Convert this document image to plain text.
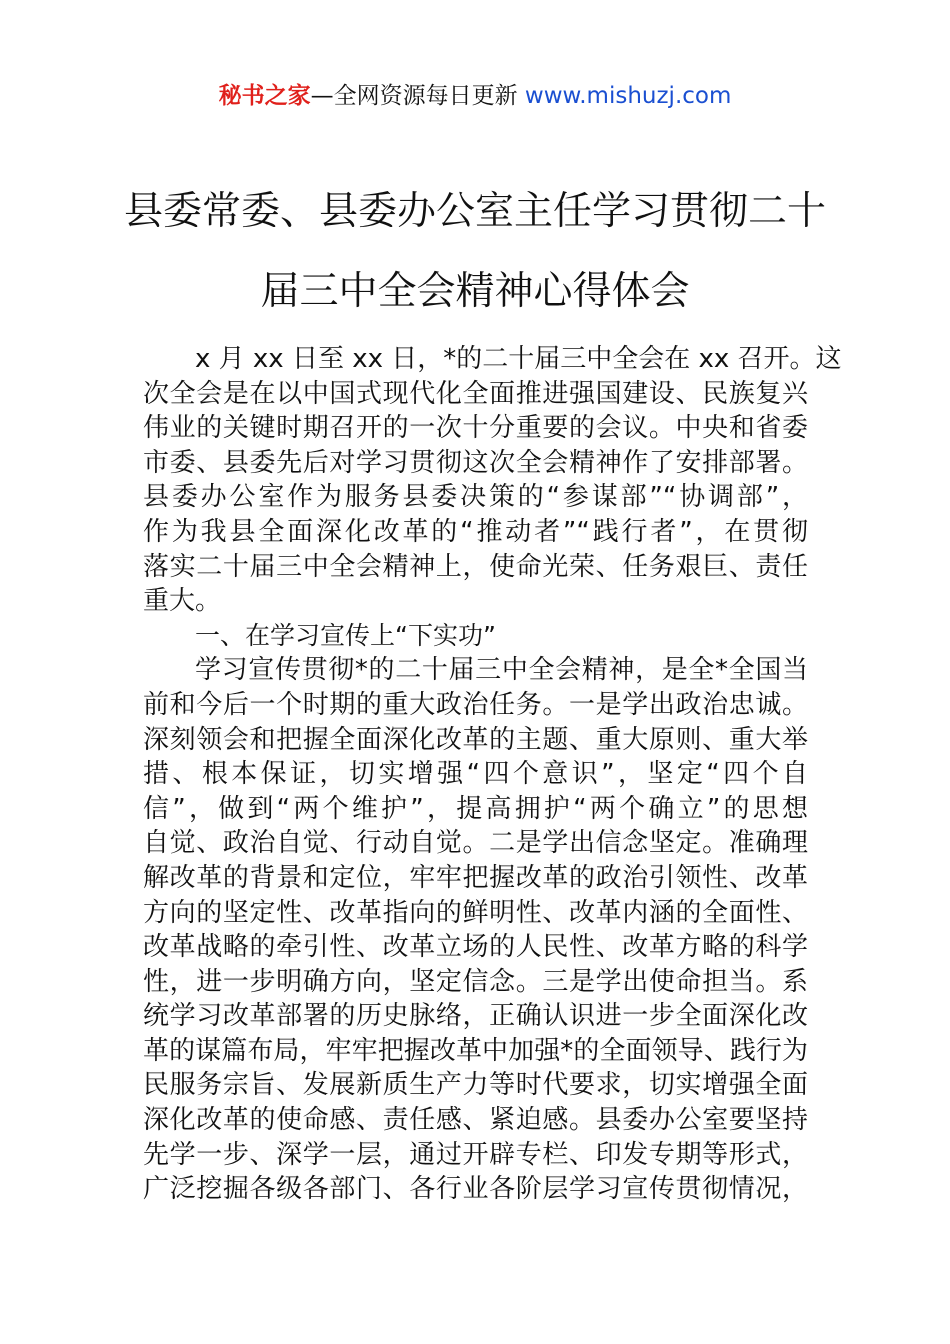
秘书之家—全网资源每日更新 www.mishuzj.com
县委常委、县委办公室主任学习贯彻二十
届三中全会精神心得体会
x 月 xx 日至 xx 日，*的二十届三中全会在 xx 召开。这
次全会是在以中国式现代化全面推进强国建设、民族复兴
伟业的关键时期召开的一次十分重要的会议。中央和省委
市委、县委先后对学习贯彻这次全会精神作了安排部署。
县委办公室作为服务县委决策的“参谋部”“协调部”，
作为我县全面深化改革的“推动者”“践行者”，在贯彻
落实二十届三中全会精神上，使命光荣、任务艰巨、责任
重大。
一、在学习宣传上“下实功”
学习宣传贯彻*的二十届三中全会精神，是全*全国当
前和今后一个时期的重大政治任务。一是学出政治忠诚。
深刻领会和把握全面深化改革的主题、重大原则、重大举
措、根本保证，切实增强“四个意识”，坚定“四个自
信”，做到“两个维护”，提高拥护“两个确立”的思想
自觉、政治自觉、行动自觉。二是学出信念坚定。准确理
解改革的背景和定位，牢牢把握改革的政治引领性、改革
方向的坚定性、改革指向的鲜明性、改革内涵的全面性、
改革战略的牵引性、改革立场的人民性、改革方略的科学
性，进一步明确方向，坚定信念。三是学出使命担当。系
统学习改革部署的历史脉络，正确认识进一步全面深化改
革的谋篇布局，牢牢把握改革中加强*的全面领导、践行为
民服务宗旨、发展新质生产力等时代要求，切实增强全面
深化改革的使命感、责任感、紧迫感。县委办公室要坚持
先学一步、深学一层，通过开辟专栏、印发专期等形式，
广泛挖掘各级各部门、各行业各阶层学习宣传贯彻情况，
